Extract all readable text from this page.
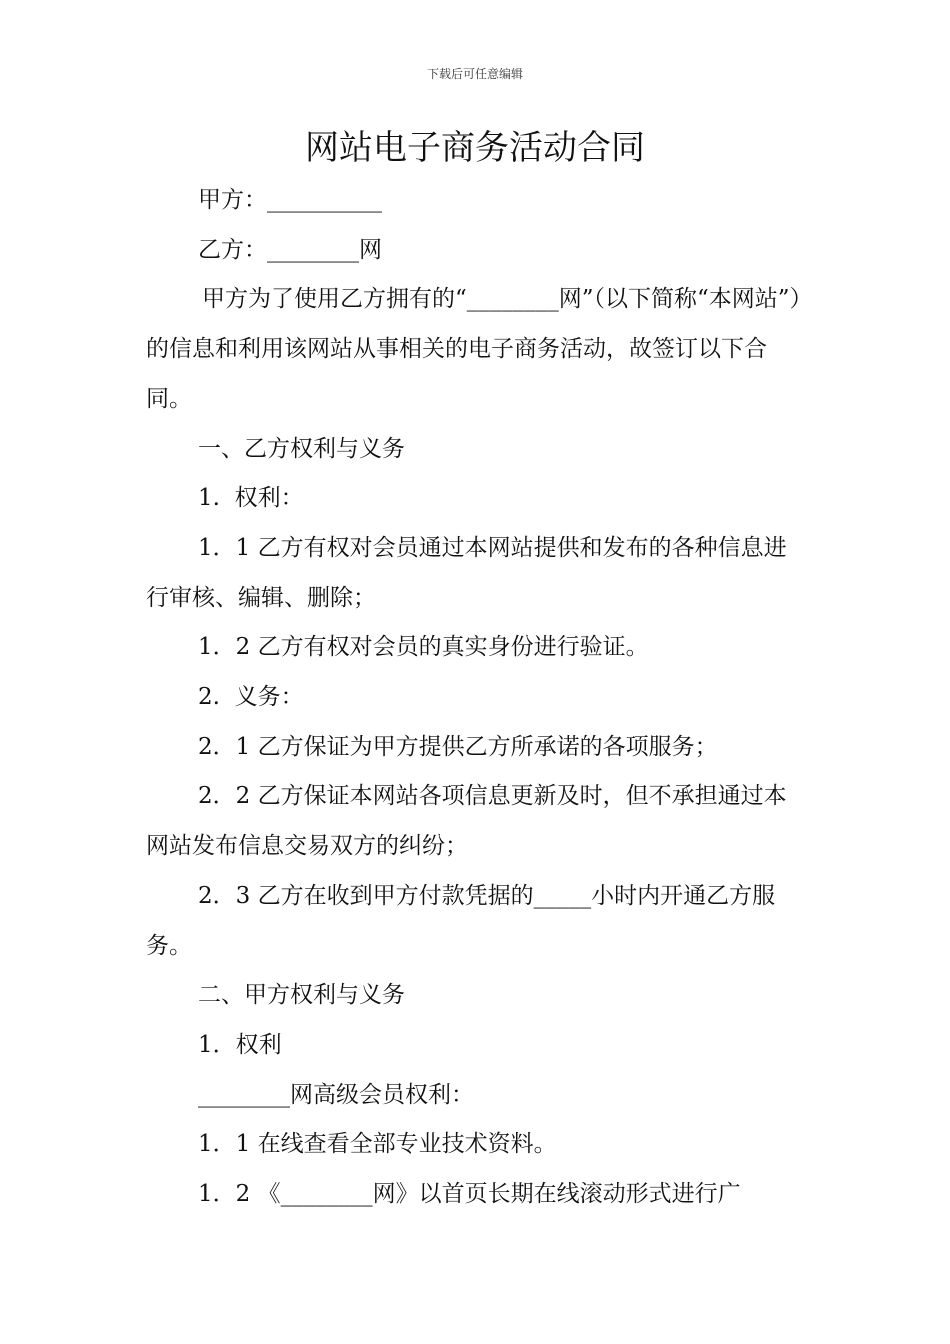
下载后可任意编辑
网站电子商务活动合同

甲方：__________

乙方：________网

甲方为了使用乙方拥有的“________网”（以下简称“本网站”）的信息和利用该网站从事相关的电子商务活动，故签订以下合同。

一、乙方权利与义务

1.  权利：

1．1 乙方有权对会员通过本网站提供和发布的各种信息进行审核、编辑、删除；

1．2 乙方有权对会员的真实身份进行验证。

2.  义务：

2．1 乙方保证为甲方提供乙方所承诺的各项服务；

2．2 乙方保证本网站各项信息更新及时，但不承担通过本网站发布信息交易双方的纠纷；

2．3 乙方在收到甲方付款凭据的_____小时内开通乙方服务。

二、甲方权利与义务

1．权利

________网高级会员权利：

1．1 在线查看全部专业技术资料。

1．2 《________网》以首页长期在线滚动形式进行广
